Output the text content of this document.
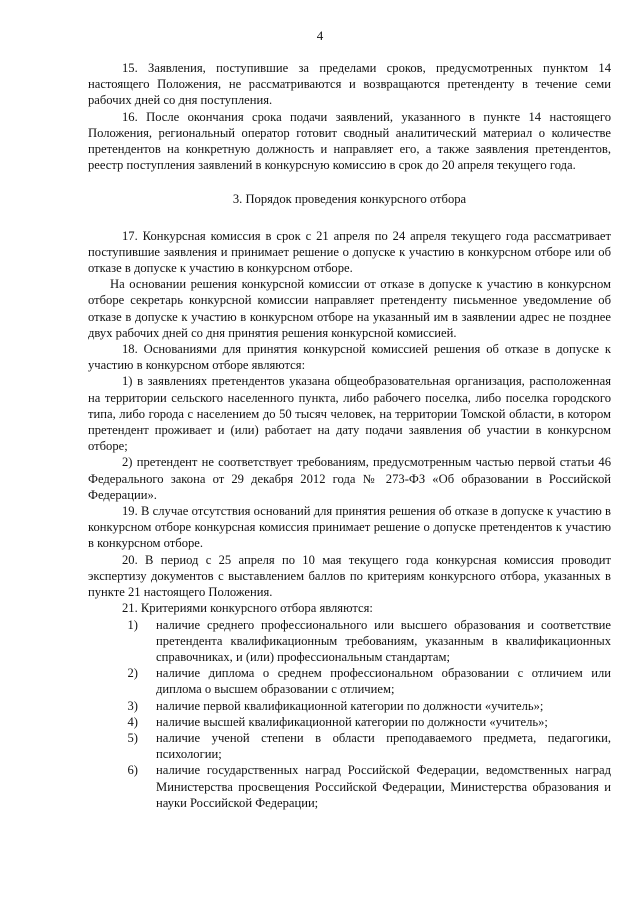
4

15. Заявления, поступившие за пределами сроков, предусмотренных пунктом 14 настоящего Положения, не рассматриваются и возвращаются претенденту в течение семи рабочих дней со дня поступления.

16. После окончания срока подачи заявлений, указанного в пункте 14 настоящего Положения, региональный оператор готовит сводный аналитический материал о количестве претендентов на конкретную должность и направляет его, а также заявления претендентов, реестр поступления заявлений в конкурсную комиссию в срок до 20 апреля текущего года.

3. Порядок проведения конкурсного отбора

17. Конкурсная комиссия в срок с 21 апреля по 24 апреля текущего года рассматривает поступившие заявления и принимает решение о допуске к участию в конкурсном отборе или об отказе в допуске к участию в конкурсном отборе.

На основании решения конкурсной комиссии от отказе в допуске к участию в конкурсном отборе секретарь конкурсной комиссии направляет претенденту письменное уведомление об отказе в допуске к участию в конкурсном отборе на указанный им в заявлении адрес не позднее двух рабочих дней со дня принятия решения конкурсной комиссией.

18. Основаниями для принятия конкурсной комиссией решения об отказе в допуске к участию в конкурсном отборе являются:

1) в заявлениях претендентов указана общеобразовательная организация, расположенная на территории сельского населенного пункта, либо рабочего поселка, либо поселка городского типа, либо города с населением до 50 тысяч человек, на территории Томской области, в котором претендент проживает и (или) работает на дату подачи заявления об участии в конкурсном отборе;

2) претендент не соответствует требованиям, предусмотренным частью первой статьи 46 Федерального закона от 29 декабря 2012 года № 273-ФЗ «Об образовании в Российской Федерации».

19. В случае отсутствия оснований для принятия решения об отказе в допуске к участию в конкурсном отборе конкурсная комиссия принимает решение о допуске претендентов к участию в конкурсном отборе.

20. В период с 25 апреля по 10 мая текущего года конкурсная комиссия проводит экспертизу документов с выставлением баллов по критериям конкурсного отбора, указанных в пункте 21 настоящего Положения.

21. Критериями конкурсного отбора являются:

1)	наличие среднего профессионального или высшего образования и соответствие претендента квалификационным требованиям, указанным в квалификационных справочниках, и (или) профессиональным стандартам;
2)	наличие диплома о среднем профессиональном образовании с отличием или диплома о высшем образовании с отличием;
3)	наличие первой квалификационной категории по должности «учитель»;
4)	наличие высшей квалификационной категории по должности «учитель»;
5)	наличие ученой степени в области преподаваемого предмета, педагогики, психологии;
6)	наличие государственных наград Российской Федерации, ведомственных наград Министерства просвещения Российской Федерации, Министерства образования и науки Российской Федерации;
